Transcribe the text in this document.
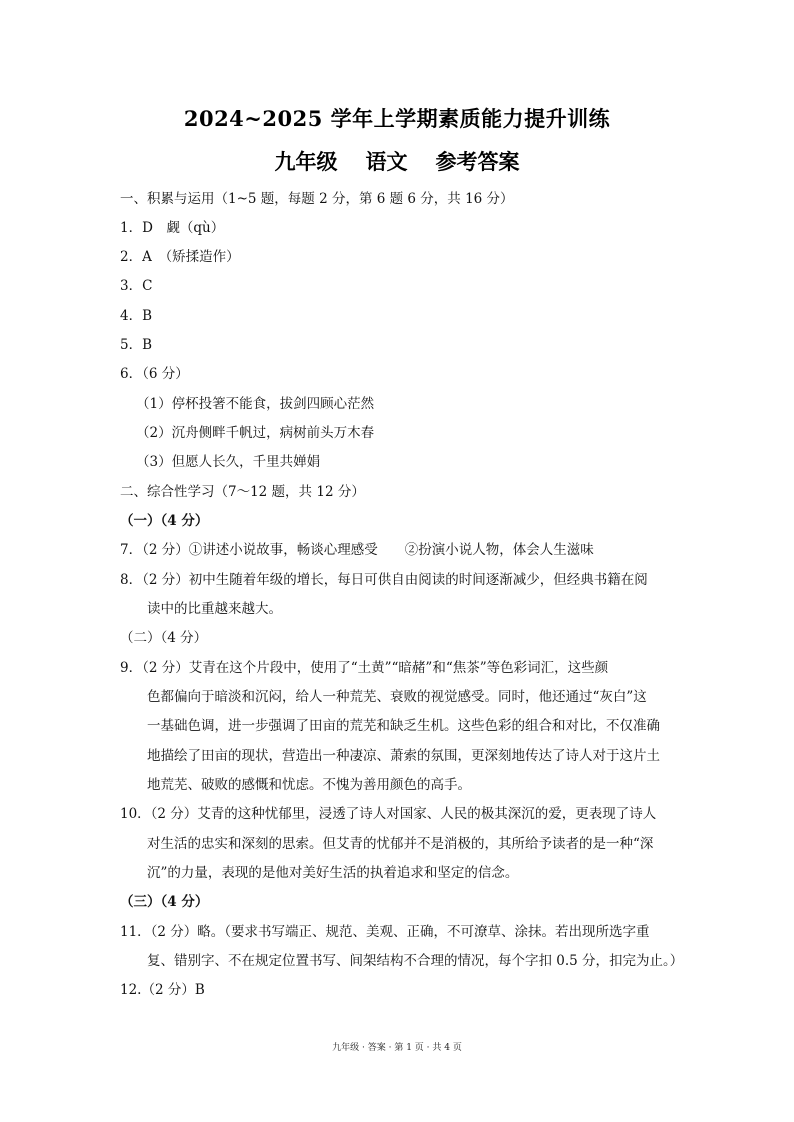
2024~2025 学年上学期素质能力提升训练
九年级 语文 参考答案
一、积累与运用（1~5 题，每题 2 分，第 6 题 6 分，共 16 分）
1．D　觑（qù）
2．A　（矫揉造作）
3．C
4．B
5．B
6．（6 分）
（1）停杯投箸不能食，拔剑四顾心茫然
（2）沉舟侧畔千帆过，病树前头万木春
（3）但愿人长久，千里共婵娟
二、综合性学习（7～12 题，共 12 分）
（一）（4 分）
7．（2 分）①讲述小说故事，畅谈心理感受　　②扮演小说人物，体会人生滋味
8．（2 分）初中生随着年级的增长，每日可供自由阅读的时间逐渐减少，但经典书籍在阅
读中的比重越来越大。
（二）（4 分）
9．（2 分）艾青在这个片段中，使用了“土黄”“暗赭”和“焦茶”等色彩词汇，这些颜
色都偏向于暗淡和沉闷，给人一种荒芜、衰败的视觉感受。同时，他还通过“灰白”这
一基础色调，进一步强调了田亩的荒芜和缺乏生机。这些色彩的组合和对比，不仅准确
地描绘了田亩的现状，营造出一种凄凉、萧索的氛围，更深刻地传达了诗人对于这片土
地荒芜、破败的感慨和忧虑。不愧为善用颜色的高手。
10．（2 分）艾青的这种忧郁里，浸透了诗人对国家、人民的极其深沉的爱，更表现了诗人
对生活的忠实和深刻的思索。但艾青的忧郁并不是消极的，其所给予读者的是一种“深
沉”的力量，表现的是他对美好生活的执着追求和坚定的信念。
（三）（4 分）
11．（2 分）略。（要求书写端正、规范、美观、正确，不可潦草、涂抹。若出现所选字重
复、错别字、不在规定位置书写、间架结构不合理的情况，每个字扣 0.5 分，扣完为止。）
12.（2 分）B
九年级 · 答案 · 第 1 页 · 共 4 页
